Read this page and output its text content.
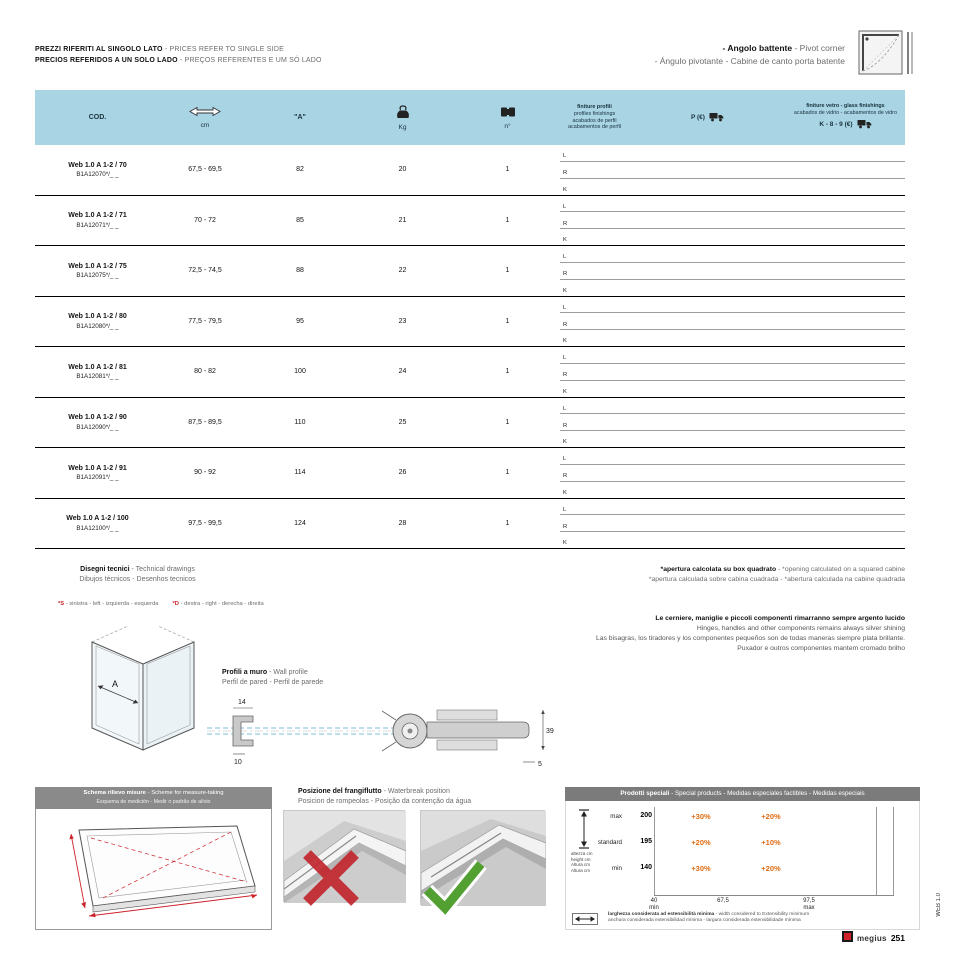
PREZZI RIFERITI AL SINGOLO LATO - PRICES REFER TO SINGLE SIDE
PRECIOS REFERIDOS A UN SOLO LADO - PREÇOS REFERENTES E UM SÓ LADO
- Angolo battente - Pivot corner
- Ángulo pivotante - Cabine de canto porta batente
COD.
cm
"A"
Kg	n°
finiture profili
profiles finishings
acabados de perfil
acabamentos de perfil
P (€)
finiture vetro - glass finishings
acabados de vidrio - acabamentos de vidro
K - 8 - 9 (€)
Web 1.0 A 1-2 / 70
B1A12070*/_ _
67,5 - 69,5	82	20	1
L
R
K
Web 1.0 A 1-2 / 71
B1A12071*/_ _
70 - 72	85	21	1
L
R
K
Web 1.0 A 1-2 / 75
B1A12075*/_ _
72,5 - 74,5	88	22	1
L
R
K
Web 1.0 A 1-2 / 80
B1A12080*/_ _
77,5 - 79,5	95	23	1
L
R
K
Web 1.0 A 1-2 / 81
B1A12081*/_ _
80 - 82	100	24	1
L
R
K
Web 1.0 A 1-2 / 90
B1A12090*/_ _
87,5 - 89,5	110	25	1
L
R
K
Web 1.0 A 1-2 / 91
B1A12091*/_ _
90 - 92	114	26	1
L
R
K
Web 1.0 A 1-2 / 100
B1A12100*/_ _
97,5 - 99,5	124	28	1
L
R
K
Disegni tecnici - Technical drawings
Dibujos técnicos - Desenhos tecnicos
*apertura calcolata su box quadrato - *opening calculated on a squared cabine
*apertura calculada sobre cabina cuadrada - *abertura calculada na cabine quadrada
*S - sinistra - left - izquierda - esquerda *D - destra - right - derecha - direita
A
Le cerniere, maniglie e piccoli componenti rimarranno sempre argento lucido
Hinges, handles and other components remains always silver shining
Las bisagras, los tiradores y los componentes pequeños son de todas maneras siempre plata brillante.
Puxador e outros componentes mantem cromado brilho
Profili a muro - Wall profile
Perfil de pared - Perfil de parede
14
10
39
5
Schema rilievo misure - Scheme for measure-taking
Esquema de medición - Medir o padrão de alívio
Posizione del frangiflutto - Waterbreak position
Posicion de rompeolas - Posição da contenção da água
Prodotti speciali - Special products - Medidas especiales factibles - Medidas especiais
altezza cm
height cm
Altura cm
Altura cm
max	200	+30%	+20%
standard	195	+20%	+10%
min	140	+30%	+20%
40
min
67,5	97,5
max
larghezza considerata ad estensibilità minima - width considered to Extensibility minimum
anchura considerada extensibilidad mínima - largura considerada extensibilidade mínima
megius 251
WEB 1.0
